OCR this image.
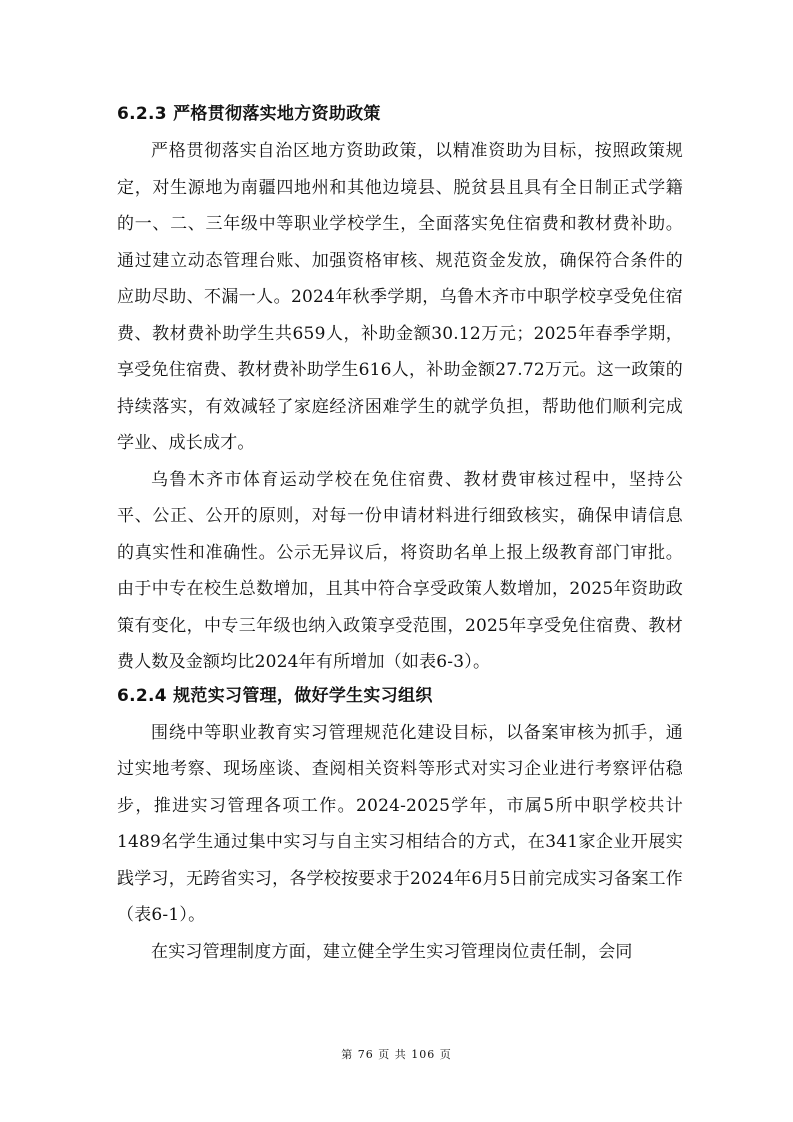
6.2.3 严格贯彻落实地方资助政策

严格贯彻落实自治区地方资助政策，以精准资助为目标，按照政策规定，对生源地为南疆四地州和其他边境县、脱贫县且具有全日制正式学籍的一、二、三年级中等职业学校学生，全面落实免住宿费和教材费补助。通过建立动态管理台账、加强资格审核、规范资金发放，确保符合条件的应助尽助、不漏一人。2024年秋季学期，乌鲁木齐市中职学校享受免住宿费、教材费补助学生共659人，补助金额30.12万元；2025年春季学期，享受免住宿费、教材费补助学生616人，补助金额27.72万元。这一政策的持续落实，有效减轻了家庭经济困难学生的就学负担，帮助他们顺利完成学业、成长成才。

乌鲁木齐市体育运动学校在免住宿费、教材费审核过程中，坚持公平、公正、公开的原则，对每一份申请材料进行细致核实，确保申请信息的真实性和准确性。公示无异议后，将资助名单上报上级教育部门审批。由于中专在校生总数增加，且其中符合享受政策人数增加，2025年资助政策有变化，中专三年级也纳入政策享受范围，2025年享受免住宿费、教材费人数及金额均比2024年有所增加（如表6-3）。

6.2.4 规范实习管理，做好学生实习组织

围绕中等职业教育实习管理规范化建设目标，以备案审核为抓手，通过实地考察、现场座谈、查阅相关资料等形式对实习企业进行考察评估稳步，推进实习管理各项工作。2024-2025学年，市属5所中职学校共计1489名学生通过集中实习与自主实习相结合的方式，在341家企业开展实践学习，无跨省实习，各学校按要求于2024年6月5日前完成实习备案工作（表6-1）。

在实习管理制度方面，建立健全学生实习管理岗位责任制，会同

第 76 页 共 106 页
